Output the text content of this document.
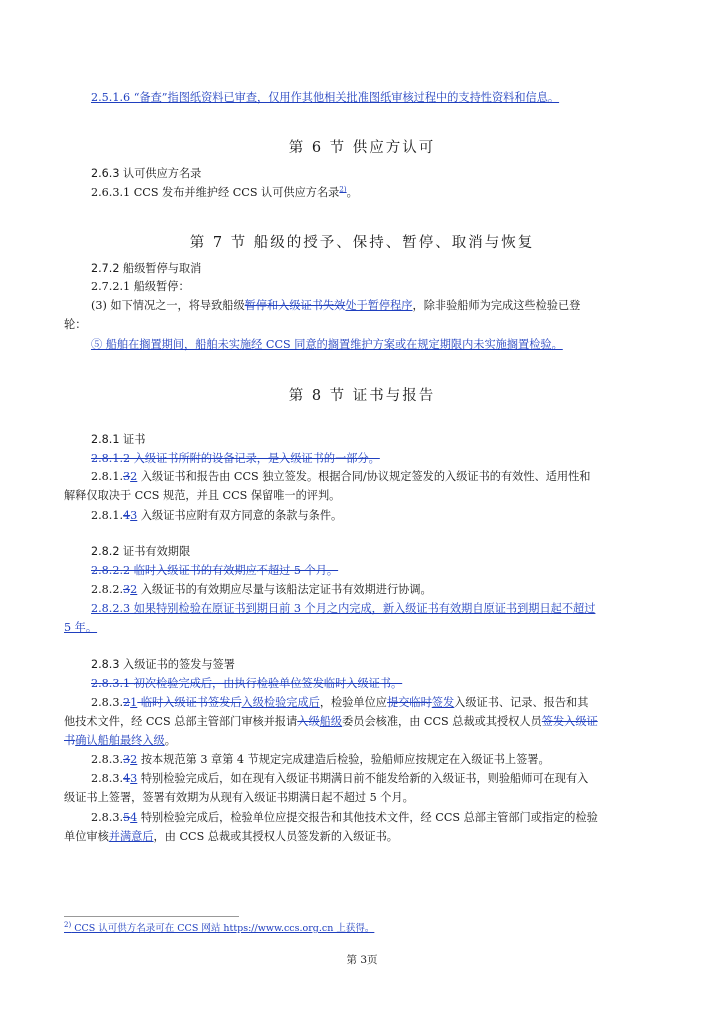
2.5.1.6 “备查”指图纸资料已审查，仅用作其他相关批准图纸审核过程中的支持性资料和信息。
第 6 节 供应方认可
2.6.3 认可供应方名录
2.6.3.1 CCS 发布并维护经 CCS 认可供应方名录$^{2)}$。
第 7 节 船级的授予、保持、暂停、取消与恢复
2.7.2 船级暂停与取消
2.7.2.1 船级暂停：
(3) 如下情况之一，将导致船级暂停和入级证书失效处于暂停程序，除非验船师为完成这些检验已登
轮：
⑤ 船舶在搁置期间，船舶未实施经 CCS 同意的搁置维护方案或在规定期限内未实施搁置检验。
第 8 节 证书与报告
2.8.1 证书
2.8.1.2 入级证书所附的设备记录，是入级证书的一部分。
2.8.1.32 入级证书和报告由 CCS 独立签发。根据合同/协议规定签发的入级证书的有效性、适用性和
解释仅取决于 CCS 规范，并且 CCS 保留唯一的评判。
2.8.1.43 入级证书应附有双方同意的条款与条件。
2.8.2 证书有效期限
2.8.2.2 临时入级证书的有效期应不超过 5 个月。
2.8.2.32 入级证书的有效期应尽量与该船法定证书有效期进行协调。
2.8.2.3 如果特别检验在原证书到期日前 3 个月之内完成，新入级证书有效期自原证书到期日起不超过
5 年。
2.8.3 入级证书的签发与签署
2.8.3.1 初次检验完成后，由执行检验单位签发临时入级证书。
2.8.3.21 临时入级证书签发后入级检验完成后，检验单位应提交临时签发入级证书、记录、报告和其
他技术文件，经 CCS 总部主管部门审核并报请入级船级委员会核准，由 CCS 总裁或其授权人员签发入级证
书确认船舶最终入级。
2.8.3.32 按本规范第 3 章第 4 节规定完成建造后检验，验船师应按规定在入级证书上签署。
2.8.3.43 特别检验完成后，如在现有入级证书期满日前不能发给新的入级证书，则验船师可在现有入
级证书上签署，签署有效期为从现有入级证书期满日起不超过 5 个月。
2.8.3.54 特别检验完成后，检验单位应提交报告和其他技术文件，经 CCS 总部主管部门或指定的检验
单位审核并满意后，由 CCS 总裁或其授权人员签发新的入级证书。
$^{2)}$ CCS 认可供方名录可在 CCS 网站 https://www.ccs.org.cn 上获得。
第 3页
